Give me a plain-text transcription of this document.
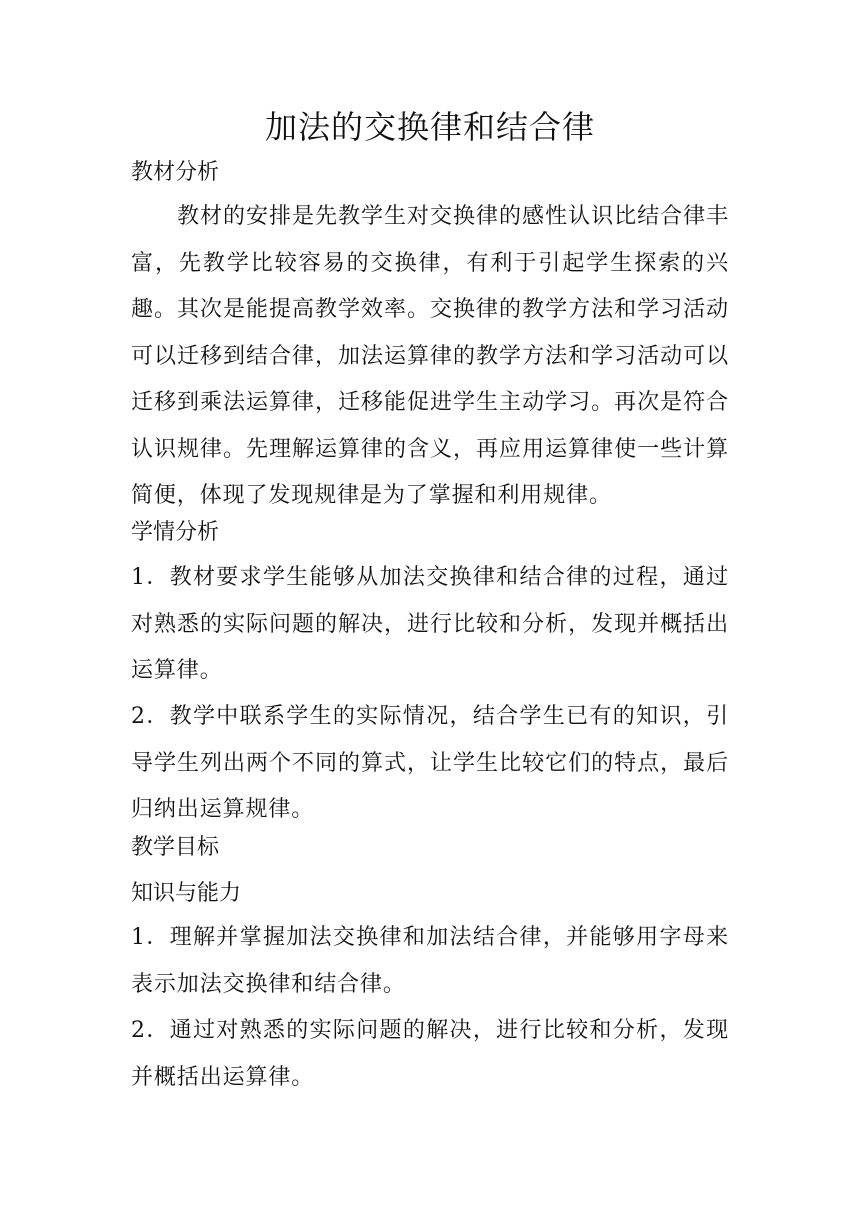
加法的交换律和结合律
教材分析
教材的安排是先教学生对交换律的感性认识比结合律丰富，先教学比较容易的交换律，有利于引起学生探索的兴趣。其次是能提高教学效率。交换律的教学方法和学习活动可以迁移到结合律，加法运算律的教学方法和学习活动可以迁移到乘法运算律，迁移能促进学生主动学习。再次是符合认识规律。先理解运算律的含义，再应用运算律使一些计算简便，体现了发现规律是为了掌握和利用规律。
学情分析
1．教材要求学生能够从加法交换律和结合律的过程，通过对熟悉的实际问题的解决，进行比较和分析，发现并概括出运算律。
2．教学中联系学生的实际情况，结合学生已有的知识，引导学生列出两个不同的算式，让学生比较它们的特点，最后归纳出运算规律。
教学目标
知识与能力
1．理解并掌握加法交换律和加法结合律，并能够用字母来表示加法交换律和结合律。
2．通过对熟悉的实际问题的解决，进行比较和分析，发现并概括出运算律。
